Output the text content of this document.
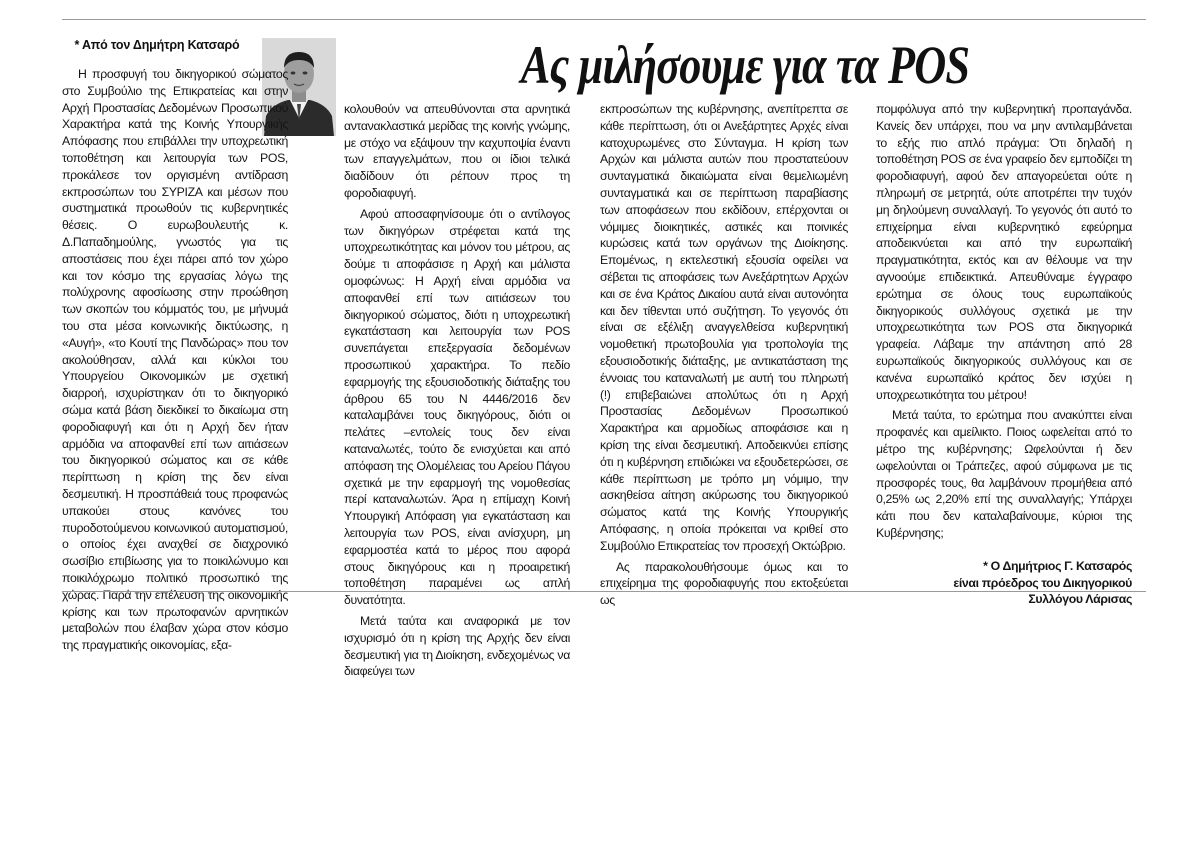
* Από τον Δημήτρη Κατσαρό	Ας μιλήσουμε για τα POS

Η προσφυγή του δικηγορικού σώματος στο Συμβούλιο της Επικρατείας και στην Αρχή Προστασίας Δεδομένων Προσωπικού Χαρακτήρα κατά της Κοινής Υπουργικής Απόφασης που επιβάλλει την υποχρεωτική τοποθέτηση και λειτουργία των POS, προκάλεσε τον οργισμένη αντίδραση εκπροσώπων του ΣΥΡΙΖΑ και μέσων που συστηματικά προωθούν τις κυβερνητικές θέσεις. Ο ευρωβουλευτής κ. Δ.Παπαδημούλης, γνωστός για τις αποστάσεις που έχει πάρει από τον χώρο και τον κόσμο της εργασίας λόγω της πολύχρονης αφοσίωσης στην προώθηση των σκοπών του κόμματός του, με μήνυμά του στα μέσα κοινωνικής δικτύωσης, η «Αυγή», «το Κουτί της Πανδώρας» που τον ακολούθησαν, αλλά και κύκλοι του Υπουργείου Οικονομικών με σχετική διαρροή, ισχυρίστηκαν ότι το δικηγορικό σώμα κατά βάση διεκδικεί το δικαίωμα στη φοροδιαφυγή και ότι η Αρχή δεν ήταν αρμόδια να αποφανθεί επί των αιτιάσεων του δικηγορικού σώματος και σε κάθε περίπτωση η κρίση της δεν είναι δεσμευτική. Η προσπάθειά τους προφανώς υπακούει στους κανόνες του πυροδοτούμενου κοινωνικού αυτοματισμού, ο οποίος έχει αναχθεί σε διαχρονικό σωσίβιο επιβίωσης για το ποικιλώνυμο και ποικιλόχρωμο πολιτικό προσωπικό της χώρας. Παρά την επέλευση της οικονομικής κρίσης και των πρωτοφανών αρνητικών μεταβολών που έλαβαν χώρα στον κόσμο της πραγματικής οικονομίας, εξα-

κολουθούν να απευθύνονται στα αρνητικά αντανακλαστικά μερίδας της κοινής γνώμης, με στόχο να εξάψουν την καχυποψία έναντι των επαγγελμάτων, που οι ίδιοι τελικά διαδίδουν ότι ρέπουν προς τη φοροδιαφυγή.

Αφού αποσαφηνίσουμε ότι ο αντίλογος των δικηγόρων στρέφεται κατά της υποχρεωτικότητας και μόνον του μέτρου, ας δούμε τι αποφάσισε η Αρχή και μάλιστα ομοφώνως: Η Αρχή είναι αρμόδια να αποφανθεί επί των αιτιάσεων του δικηγορικού σώματος, διότι η υποχρεωτική εγκατάσταση και λειτουργία των POS συνεπάγεται επεξεργασία δεδομένων προσωπικού χαρακτήρα. Το πεδίο εφαρμογής της εξουσιοδοτικής διάταξης του άρθρου 65 του Ν 4446/2016 δεν καταλαμβάνει τους δικηγόρους, διότι οι πελάτες –εντολείς τους δεν είναι καταναλωτές, τούτο δε ενισχύεται και από απόφαση της Ολομέλειας του Αρείου Πάγου σχετικά με την εφαρμογή της νομοθεσίας περί καταναλωτών. Άρα η επίμαχη Κοινή Υπουργική Απόφαση για εγκατάσταση και λειτουργία των POS, είναι ανίσχυρη, μη εφαρμοστέα κατά το μέρος που αφορά στους δικηγόρους και η προαιρετική τοποθέτηση παραμένει ως απλή δυνατότητα.

Μετά ταύτα και αναφορικά με τον ισχυρισμό ότι η κρίση της Αρχής δεν είναι δεσμευτική για τη Διοίκηση, ενδεχομένως να διαφεύγει των

εκπροσώπων της κυβέρνησης, ανεπίτρεπτα σε κάθε περίπτωση, ότι οι Ανεξάρτητες Αρχές είναι κατοχυρωμένες στο Σύνταγμα. Η κρίση των Αρχών και μάλιστα αυτών που προστατεύουν συνταγματικά δικαιώματα είναι θεμελιωμένη συνταγματικά και σε περίπτωση παραβίασης των αποφάσεων που εκδίδουν, επέρχονται οι νόμιμες διοικητικές, αστικές και ποινικές κυρώσεις κατά των οργάνων της Διοίκησης. Επομένως, η εκτελεστική εξουσία οφείλει να σέβεται τις αποφάσεις των Ανεξάρτητων Αρχών και σε ένα Κράτος Δικαίου αυτά είναι αυτονόητα και δεν τίθενται υπό συζήτηση. Το γεγονός ότι είναι σε εξέλιξη αναγγελθείσα κυβερνητική νομοθετική πρωτοβουλία για τροπολογία της εξουσιοδοτικής διάταξης, με αντικατάσταση της έννοιας του καταναλωτή με αυτή του πληρωτή (!) επιβεβαιώνει απολύτως ότι η Αρχή Προστασίας Δεδομένων Προσωπικού Χαρακτήρα και αρμοδίως αποφάσισε και η κρίση της είναι δεσμευτική. Αποδεικνύει επίσης ότι η κυβέρνηση επιδιώκει να εξουδετερώσει, σε κάθε περίπτωση με τρόπο μη νόμιμο, την ασκηθείσα αίτηση ακύρωσης του δικηγορικού σώματος κατά της Κοινής Υπουργικής Απόφασης, η οποία πρόκειται να κριθεί στο Συμβούλιο Επικρατείας τον προσεχή Οκτώβριο.

Ας παρακολουθήσουμε όμως και το επιχείρημα της φοροδιαφυγής που εκτοξεύεται ως

πομφόλυγα από την κυβερνητική προπαγάνδα. Κανείς δεν υπάρχει, που να μην αντιλαμβάνεται το εξής πιο απλό πράγμα: Ότι δηλαδή η τοποθέτηση POS σε ένα γραφείο δεν εμποδίζει τη φοροδιαφυγή, αφού δεν απαγορεύεται ούτε η πληρωμή σε μετρητά, ούτε αποτρέπει την τυχόν μη δηλούμενη συναλλαγή. Το γεγονός ότι αυτό το επιχείρημα είναι κυβερνητικό εφεύρημα αποδεικνύεται και από την ευρωπαϊκή πραγματικότητα, εκτός και αν θέλουμε να την αγνοούμε επιδεικτικά. Απευθύναμε έγγραφο ερώτημα σε όλους τους ευρωπαϊκούς δικηγορικούς συλλόγους σχετικά με την υποχρεωτικότητα των POS στα δικηγορικά γραφεία. Λάβαμε την απάντηση από 28 ευρωπαϊκούς δικηγορικούς συλλόγους και σε κανένα ευρωπαϊκό κράτος δεν ισχύει η υποχρεωτικότητα του μέτρου!

Μετά ταύτα, το ερώτημα που ανακύπτει είναι προφανές και αμείλικτο. Ποιος ωφελείται από το μέτρο της κυβέρνησης; Ωφελούνται ή δεν ωφελούνται οι Τράπεζες, αφού σύμφωνα με τις προσφορές τους, θα λαμβάνουν προμήθεια από 0,25% ως 2,20% επί της συναλλαγής; Υπάρχει κάτι που δεν καταλαβαίνουμε, κύριοι της Κυβέρνησης;

* Ο Δημήτριος Γ. Κατσαρός
είναι πρόεδρος του Δικηγορικού
Συλλόγου Λάρισας
